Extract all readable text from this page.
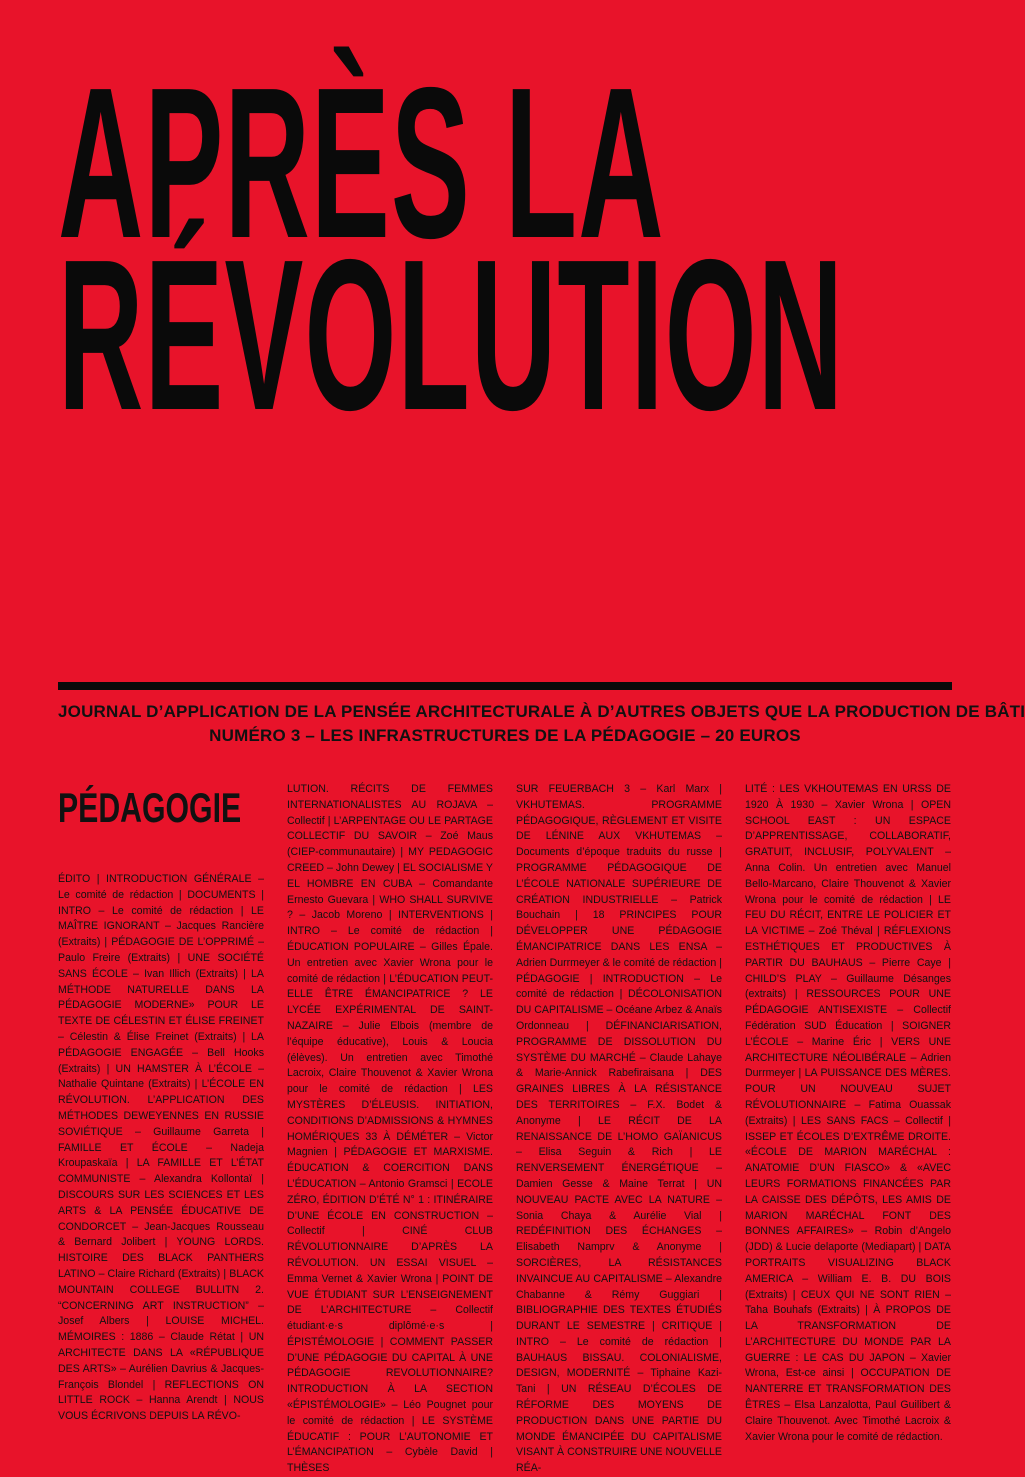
APRÈS LA
RÉVOLUTION
JOURNAL D’APPLICATION DE LA PENSÉE ARCHITECTURALE À D’AUTRES OBJETS QUE LA PRODUCTION DE BÂTI
NUMÉRO 3 – LES INFRASTRUCTURES DE LA PÉDAGOGIE – 20 EUROS
PÉDAGOGIE

ÉDITO | INTRODUCTION GÉNÉRALE – Le comité de rédaction | DOCUMENTS | INTRO – Le comité de rédaction | LE MAÎTRE IGNORANT – Jacques Rancière (Extraits) | PÉDAGOGIE DE L’OPPRIMÉ – Paulo Freire (Extraits) | UNE SOCIÉTÉ SANS ÉCOLE – Ivan Illich (Extraits) | LA MÉTHODE NATURELLE DANS LA PÉDAGOGIE MODERNE» POUR LE TEXTE DE CÉLESTIN ET ÉLISE FREINET – Célestin & Élise Freinet (Extraits) | LA PÉDAGOGIE ENGAGÉE – Bell Hooks (Extraits) | UN HAMSTER À L’ÉCOLE – Nathalie Quintane (Extraits) | L’ÉCOLE EN RÉVOLUTION. L’APPLICATION DES MÉTHODES DEWEYENNES EN RUSSIE SOVIÉTIQUE – Guillaume Garreta | FAMILLE ET ÉCOLE – Nadeja Kroupaskaïa | LA FAMILLE ET L’ÉTAT COMMUNISTE – Alexandra Kollontaï | DISCOURS SUR LES SCIENCES ET LES ARTS & LA PENSÉE ÉDUCATIVE DE CONDORCET – Jean-Jacques Rousseau & Bernard Jolibert | YOUNG LORDS. HISTOIRE DES BLACK PANTHERS LATINO – Claire Richard (Extraits) | BLACK MOUNTAIN COLLEGE BULLITN 2. “CONCERNING ART INSTRUCTION” – Josef Albers | LOUISE MICHEL. MÉMOIRES : 1886 – Claude Rétat | UN ARCHITECTE DANS LA «RÉPUBLIQUE DES ARTS» – Aurélien Davrius & Jacques-François Blondel | REFLECTIONS ON LITTLE ROCK – Hanna Arendt | NOUS VOUS ÉCRIVONS DEPUIS LA RÉVO-

LUTION. RÉCITS DE FEMMES INTERNATIONALISTES AU ROJAVA – Collectif | L’ARPENTAGE OU LE PARTAGE COLLECTIF DU SAVOIR – Zoé Maus (CIEP-communautaire) | MY PEDAGOGIC CREED – John Dewey | EL SOCIALISME Y EL HOMBRE EN CUBA – Comandante Ernesto Guevara | WHO SHALL SURVIVE ? – Jacob Moreno | INTERVENTIONS | INTRO – Le comité de rédaction | ÉDUCATION POPULAIRE – Gilles Épale. Un entretien avec Xavier Wrona pour le comité de rédaction | L’ÉDUCATION PEUT-ELLE ÊTRE ÉMANCIPATRICE ? LE LYCÉE EXPÉRIMENTAL DE SAINT-NAZAIRE – Julie Elbois (membre de l’équipe éducative), Louis & Loucia (élèves). Un entretien avec Timothé Lacroix, Claire Thouvenot & Xavier Wrona pour le comité de rédaction | LES MYSTÈRES D’ÉLEUSIS. INITIATION, CONDITIONS D’ADMISSIONS & HYMNES HOMÉRIQUES 33 À DÉMÉTER – Victor Magnien | PÉDAGOGIE ET MARXISME. ÉDUCATION & COERCITION DANS L’ÉDUCATION – Antonio Gramsci | ECOLE ZÉRO, ÉDITION D’ÉTÉ N° 1 : ITINÉRAIRE D’UNE ÉCOLE EN CONSTRUCTION – Collectif | CINÉ CLUB RÉVOLUTIONNAIRE D’APRÈS LA RÉVOLUTION. UN ESSAI VISUEL – Emma Vernet & Xavier Wrona | POINT DE VUE ÉTUDIANT SUR L’ENSEIGNEMENT DE L’ARCHITECTURE – Collectif étudiant·e·s diplômé·e·s | ÉPISTÉMOLOGIE | COMMENT PASSER D’UNE PÉDAGOGIE DU CAPITAL À UNE PÉDAGOGIE REVOLUTIONNAIRE? INTRODUCTION À LA SECTION «ÉPISTÉMOLOGIE» – Léo Pougnet pour le comité de rédaction | LE SYSTÈME ÉDUCATIF : POUR L’AUTONOMIE ET L’ÉMANCIPATION – Cybèle David | THÈSES

SUR FEUERBACH 3 – Karl Marx | VKHUTEMAS. PROGRAMME PÉDAGOGIQUE, RÈGLEMENT ET VISITE DE LÉNINE AUX VKHUTEMAS – Documents d’époque traduits du russe | PROGRAMME PÉDAGOGIQUE DE L’ÉCOLE NATIONALE SUPÉRIEURE DE CRÉATION INDUSTRIELLE – Patrick Bouchain | 18 PRINCIPES POUR DÉVELOPPER UNE PÉDAGOGIE ÉMANCIPATRICE DANS LES ENSA – Adrien Durrmeyer & le comité de rédaction | PÉDAGOGIE | INTRODUCTION – Le comité de rédaction | DÉCOLONISATION DU CAPITALISME – Océane Arbez & Anaïs Ordonneau | DÉFINANCIARISATION, PROGRAMME DE DISSOLUTION DU SYSTÈME DU MARCHÉ – Claude Lahaye & Marie-Annick Rabefiraisana | DES GRAINES LIBRES À LA RÉSISTANCE DES TERRITOIRES – F.X. Bodet & Anonyme | LE RÉCIT DE LA RENAISSANCE DE L’HOMO GAÏANICUS – Elisa Seguin & Rich | LE RENVERSEMENT ÉNERGÉTIQUE – Damien Gesse & Maine Terrat | UN NOUVEAU PACTE AVEC LA NATURE – Sonia Chaya & Aurélie Vial | REDÉFINITION DES ÉCHANGES – Elisabeth Namprv & Anonyme | SORCIÈRES, LA RÉSISTANCES INVAINCUE AU CAPITALISME – Alexandre Chabanne & Rémy Guggiari | BIBLIOGRAPHIE DES TEXTES ÉTUDIÉS DURANT LE SEMESTRE | CRITIQUE | INTRO – Le comité de rédaction | BAUHAUS BISSAU. COLONIALISME, DESIGN, MODERNITÉ – Tiphaine Kazi-Tani | UN RÉSEAU D’ÉCOLES DE RÉFORME DES MOYENS DE PRODUCTION DANS UNE PARTIE DU MONDE ÉMANCIPÉE DU CAPITALISME VISANT À CONSTRUIRE UNE NOUVELLE RÉA-

LITÉ : LES VKHOUTEMAS EN URSS DE 1920 À 1930 – Xavier Wrona | OPEN SCHOOL EAST : UN ESPACE D’APPRENTISSAGE, COLLABORATIF, GRATUIT, INCLUSIF, POLYVALENT – Anna Colin. Un entretien avec Manuel Bello-Marcano, Claire Thouvenot & Xavier Wrona pour le comité de rédaction | LE FEU DU RÉCIT, ENTRE LE POLICIER ET LA VICTIME – Zoé Théval | RÉFLEXIONS ESTHÉTIQUES ET PRODUCTIVES À PARTIR DU BAUHAUS – Pierre Caye | CHILD’S PLAY – Guillaume Désanges (extraits) | RESSOURCES POUR UNE PÉDAGOGIE ANTISEXISTE – Collectif Fédération SUD Éducation | SOIGNER L’ÉCOLE – Marine Éric | VERS UNE ARCHITECTURE NÉOLIBÉRALE – Adrien Durrmeyer | LA PUISSANCE DES MÈRES. POUR UN NOUVEAU SUJET RÉVOLUTIONNAIRE – Fatima Ouassak (Extraits) | LES SANS FACS – Collectif | ISSEP ET ÉCOLES D’EXTRÊME DROITE. «ÉCOLE DE MARION MARÉCHAL : ANATOMIE D’UN FIASCO» & «AVEC LEURS FORMATIONS FINANCÉES PAR LA CAISSE DES DÉPÔTS, LES AMIS DE MARION MARÉCHAL FONT DES BONNES AFFAIRES» – Robin d’Angelo (JDD) & Lucie delaporte (Mediapart) | DATA PORTRAITS VISUALIZING BLACK AMERICA – William E. B. DU BOIS (Extraits) | CEUX QUI NE SONT RIEN – Taha Bouhafs (Extraits) | À PROPOS DE LA TRANSFORMATION DE L’ARCHITECTURE DU MONDE PAR LA GUERRE : LE CAS DU JAPON – Xavier Wrona, Est-ce ainsi | OCCUPATION DE NANTERRE ET TRANSFORMATION DES ÊTRES – Elsa Lanzalotta, Paul Guilibert & Claire Thouvenot. Avec Timothé Lacroix & Xavier Wrona pour le comité de rédaction.
